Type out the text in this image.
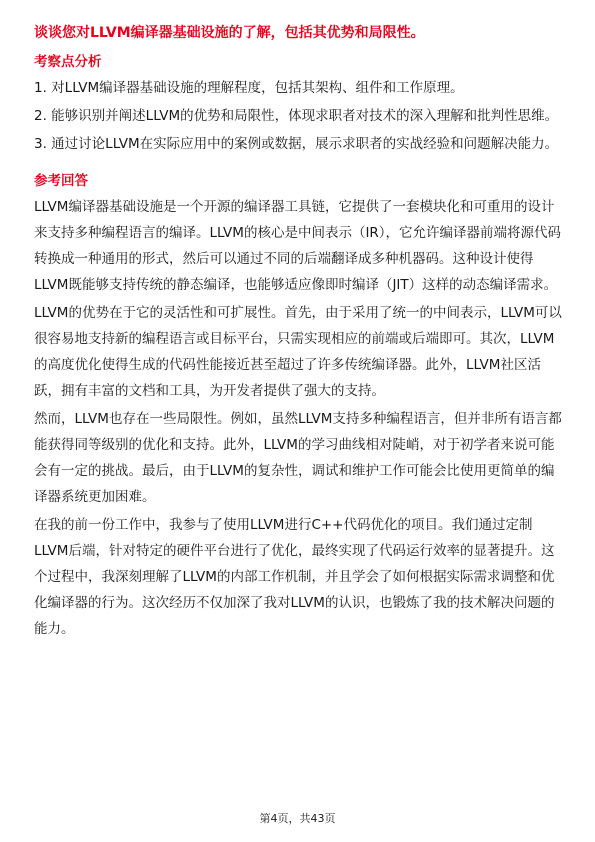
谈谈您对LLVM编译器基础设施的了解，包括其优势和局限性。
考察点分析
1. 对LLVM编译器基础设施的理解程度，包括其架构、组件和工作原理。
2. 能够识别并阐述LLVM的优势和局限性，体现求职者对技术的深入理解和批判性思维。
3. 通过讨论LLVM在实际应用中的案例或数据，展示求职者的实战经验和问题解决能力。
参考回答
LLVM编译器基础设施是一个开源的编译器工具链，它提供了一套模块化和可重用的设计来支持多种编程语言的编译。LLVM的核心是中间表示（IR），它允许编译器前端将源代码转换成一种通用的形式，然后可以通过不同的后端翻译成多种机器码。这种设计使得LLVM既能够支持传统的静态编译，也能够适应像即时编译（JIT）这样的动态编译需求。
LLVM的优势在于它的灵活性和可扩展性。首先，由于采用了统一的中间表示，LLVM可以很容易地支持新的编程语言或目标平台，只需实现相应的前端或后端即可。其次，LLVM的高度优化使得生成的代码性能接近甚至超过了许多传统编译器。此外，LLVM社区活跃，拥有丰富的文档和工具，为开发者提供了强大的支持。
然而，LLVM也存在一些局限性。例如，虽然LLVM支持多种编程语言，但并非所有语言都能获得同等级别的优化和支持。此外，LLVM的学习曲线相对陡峭，对于初学者来说可能会有一定的挑战。最后，由于LLVM的复杂性，调试和维护工作可能会比使用更简单的编译器系统更加困难。
在我的前一份工作中，我参与了使用LLVM进行C++代码优化的项目。我们通过定制LLVM后端，针对特定的硬件平台进行了优化，最终实现了代码运行效率的显著提升。这个过程中，我深刻理解了LLVM的内部工作机制，并且学会了如何根据实际需求调整和优化编译器的行为。这次经历不仅加深了我对LLVM的认识，也锻炼了我的技术解决问题的能力。
第4页，共43页
